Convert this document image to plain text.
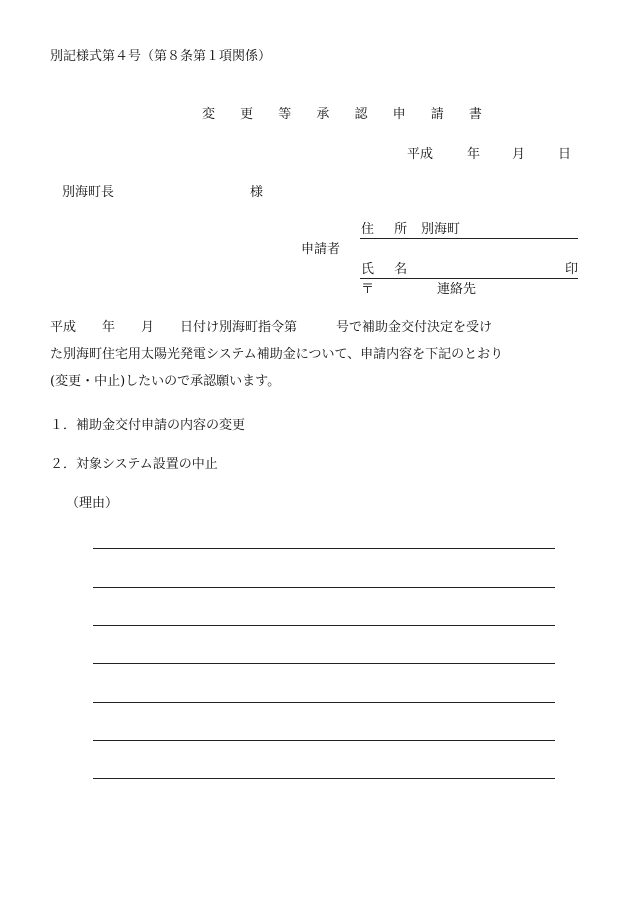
別記様式第４号（第８条第１項関係）
変 更 等 承 認 申 請 書
平成	年 月	日
別海町長	様
申請者
住 所 別海町
氏 名	印
〒	連絡先
平成　　年　　月　　日付け別海町指令第　　　号で補助金交付決定を受け
た別海町住宅用太陽光発電システム補助金について、申請内容を下記のとおり
(変更・中止)したいので承認願います。
１．補助金交付申請の内容の変更
２．対象システム設置の中止
（理由）
